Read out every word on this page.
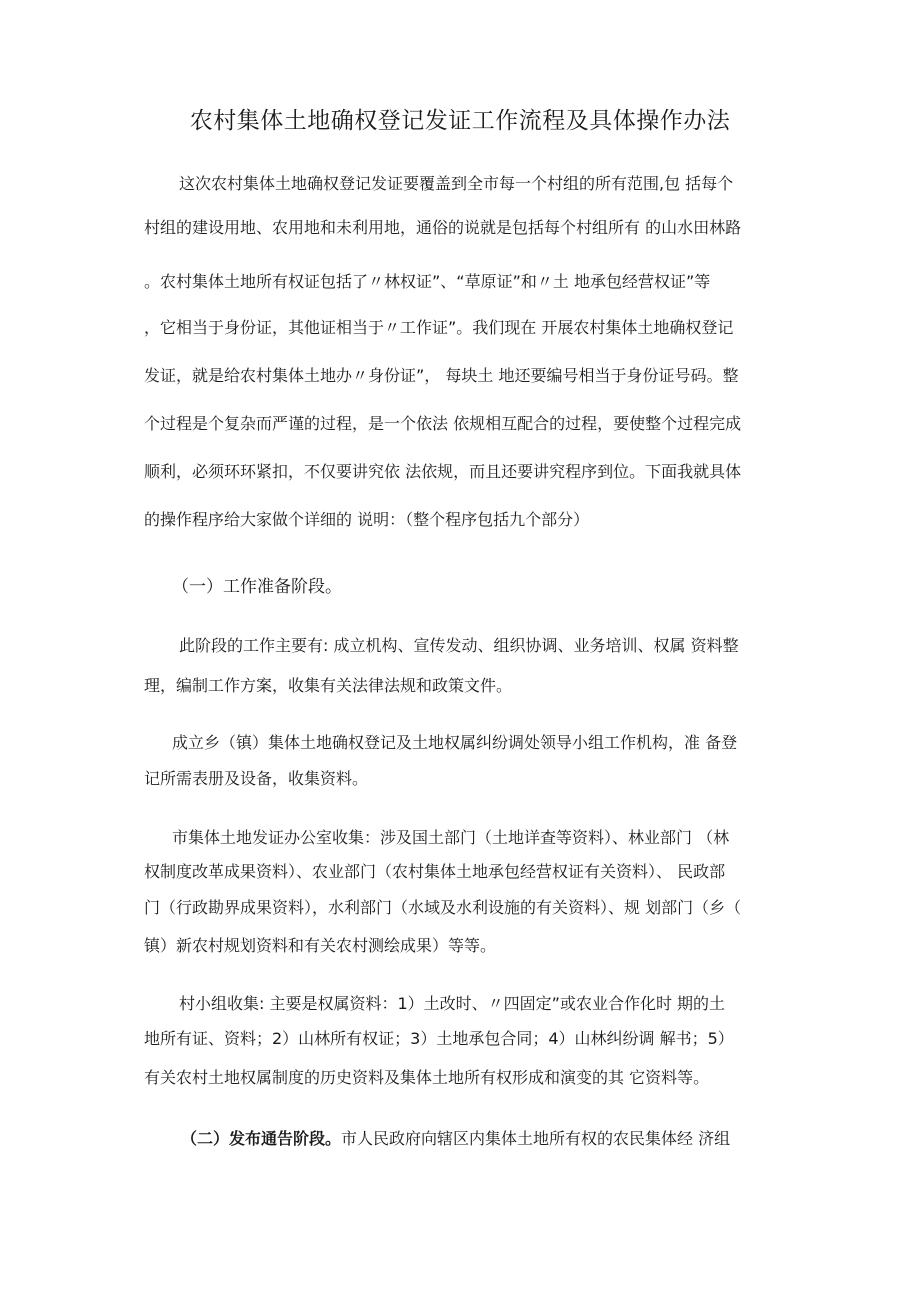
农村集体土地确权登记发证工作流程及具体操作办法
这次农村集体土地确权登记发证要覆盖到全市每一个村组的所有范围,包 括每个
村组的建设用地、农用地和未利用地，通俗的说就是包括每个村组所有 的山水田林路
。农村集体土地所有权证包括了〃林权证”、“草原证”和〃土 地承包经营权证”等
，它相当于身份证，其他证相当于〃工作证”。我们现在 开展农村集体土地确权登记
发证，就是给农村集体土地办〃身份证”， 每块土 地还要编号相当于身份证号码。整
个过程是个复杂而严谨的过程，是一个依法 依规相互配合的过程，要使整个过程完成
顺利，必须环环紧扣，不仅要讲究依 法依规，而且还要讲究程序到位。下面我就具体
的操作程序给大家做个详细的 说明：（整个程序包括九个部分）
（一）工作准备阶段。
此阶段的工作主要有: 成立机构、宣传发动、组织协调、业务培训、权属 资料整
理，编制工作方案，收集有关法律法规和政策文件。
成立乡（镇）集体土地确权登记及土地权属纠纷调处领导小组工作机构，准 备登
记所需表册及设备，收集资料。
市集体土地发证办公室收集：涉及国土部门（土地详查等资料）、林业部门 （林
权制度改革成果资料）、农业部门（农村集体土地承包经营权证有关资料）、 民政部
门（行政勘界成果资料），水利部门（水域及水利设施的有关资料）、规 划部门（乡（
镇）新农村规划资料和有关农村测绘成果）等等。
村小组收集: 主要是权属资料：1）土改时、〃四固定”或农业合作化时 期的土
地所有证、资料；2）山林所有权证；3）土地承包合同；4）山林纠纷调 解书；5）
有关农村土地权属制度的历史资料及集体土地所有权形成和演变的其 它资料等。
（二）发布通告阶段。市人民政府向辖区内集体土地所有权的农民集体经 济组
